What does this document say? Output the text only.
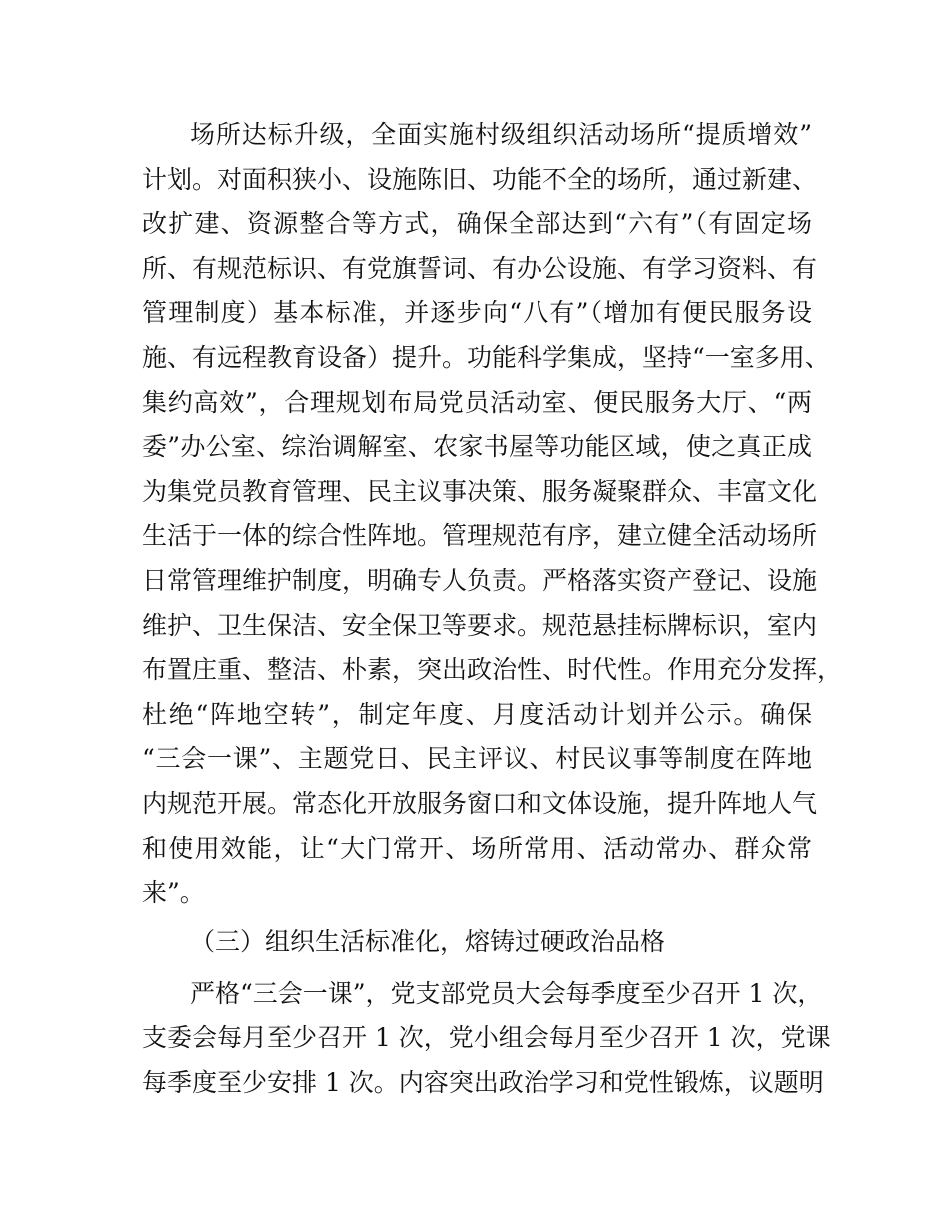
场所达标升级，全面实施村级组织活动场所“提质增效”
计划。对面积狭小、设施陈旧、功能不全的场所，通过新建、
改扩建、资源整合等方式，确保全部达到“六有”（有固定场
所、有规范标识、有党旗誓词、有办公设施、有学习资料、有
管理制度）基本标准，并逐步向“八有”（增加有便民服务设
施、有远程教育设备）提升。功能科学集成，坚持“一室多用、
集约高效”，合理规划布局党员活动室、便民服务大厅、“两
委”办公室、综治调解室、农家书屋等功能区域，使之真正成
为集党员教育管理、民主议事决策、服务凝聚群众、丰富文化
生活于一体的综合性阵地。管理规范有序，建立健全活动场所
日常管理维护制度，明确专人负责。严格落实资产登记、设施
维护、卫生保洁、安全保卫等要求。规范悬挂标牌标识，室内
布置庄重、整洁、朴素，突出政治性、时代性。作用充分发挥，
杜绝“阵地空转”，制定年度、月度活动计划并公示。确保
“三会一课”、主题党日、民主评议、村民议事等制度在阵地
内规范开展。常态化开放服务窗口和文体设施，提升阵地人气
和使用效能，让“大门常开、场所常用、活动常办、群众常
来”。
（三）组织生活标准化，熔铸过硬政治品格
严格“三会一课”，党支部党员大会每季度至少召开 1 次，
支委会每月至少召开 1 次，党小组会每月至少召开 1 次，党课
每季度至少安排 1 次。内容突出政治学习和党性锻炼，议题明
